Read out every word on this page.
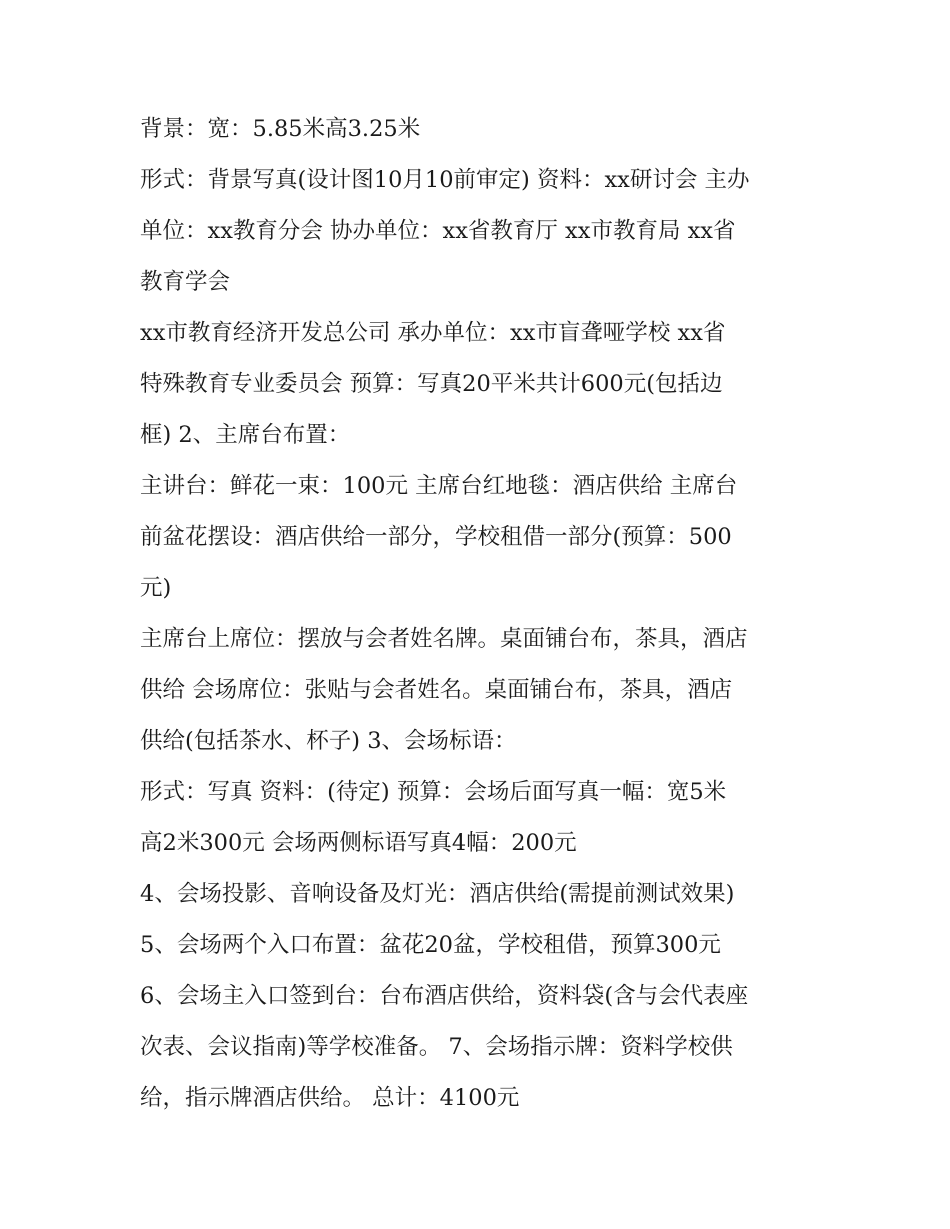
背景：宽：5.85米高3.25米
形式：背景写真(设计图10月10前审定) 资料：xx研讨会 主办
单位：xx教育分会 协办单位：xx省教育厅 xx市教育局 xx省
教育学会
xx市教育经济开发总公司 承办单位：xx市盲聋哑学校 xx省
特殊教育专业委员会 预算：写真20平米共计600元(包括边
框) 2、主席台布置：
主讲台：鲜花一束：100元 主席台红地毯：酒店供给 主席台
前盆花摆设：酒店供给一部分，学校租借一部分(预算：500
元)
主席台上席位：摆放与会者姓名牌。桌面铺台布，茶具，酒店
供给 会场席位：张贴与会者姓名。桌面铺台布，茶具，酒店
供给(包括茶水、杯子) 3、会场标语：
形式：写真 资料：(待定) 预算：会场后面写真一幅：宽5米
高2米300元 会场两侧标语写真4幅：200元
4、会场投影、音响设备及灯光：酒店供给(需提前测试效果)
5、会场两个入口布置：盆花20盆，学校租借，预算300元
6、会场主入口签到台：台布酒店供给，资料袋(含与会代表座
次表、会议指南)等学校准备。 7、会场指示牌：资料学校供
给，指示牌酒店供给。 总计：4100元
